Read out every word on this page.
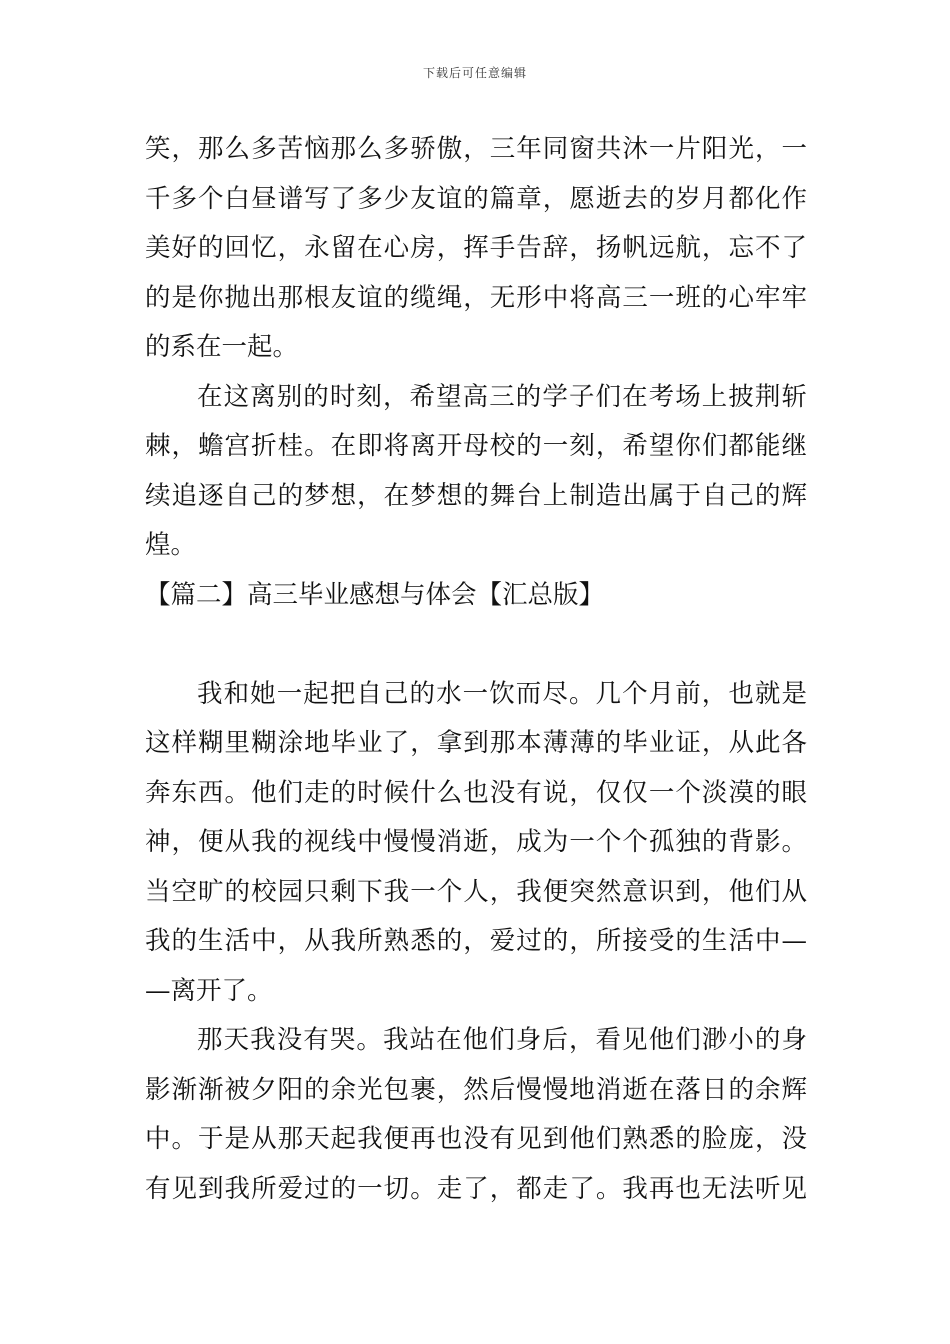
下载后可任意编辑
笑，那么多苦恼那么多骄傲，三年同窗共沐一片阳光，一
千多个白昼谱写了多少友谊的篇章，愿逝去的岁月都化作
美好的回忆，永留在心房，挥手告辞，扬帆远航，忘不了
的是你抛出那根友谊的缆绳，无形中将高三一班的心牢牢
的系在一起。
在这离别的时刻，希望高三的学子们在考场上披荆斩
棘，蟾宫折桂。在即将离开母校的一刻，希望你们都能继
续追逐自己的梦想，在梦想的舞台上制造出属于自己的辉
煌。
【篇二】高三毕业感想与体会【汇总版】
我和她一起把自己的水一饮而尽。几个月前，也就是
这样糊里糊涂地毕业了，拿到那本薄薄的毕业证，从此各
奔东西。他们走的时候什么也没有说，仅仅一个淡漠的眼
神，便从我的视线中慢慢消逝，成为一个个孤独的背影。
当空旷的校园只剩下我一个人，我便突然意识到，他们从
我的生活中，从我所熟悉的，爱过的，所接受的生活中—
—离开了。
那天我没有哭。我站在他们身后，看见他们渺小的身
影渐渐被夕阳的余光包裹，然后慢慢地消逝在落日的余辉
中。于是从那天起我便再也没有见到他们熟悉的脸庞，没
有见到我所爱过的一切。走了，都走了。我再也无法听见
